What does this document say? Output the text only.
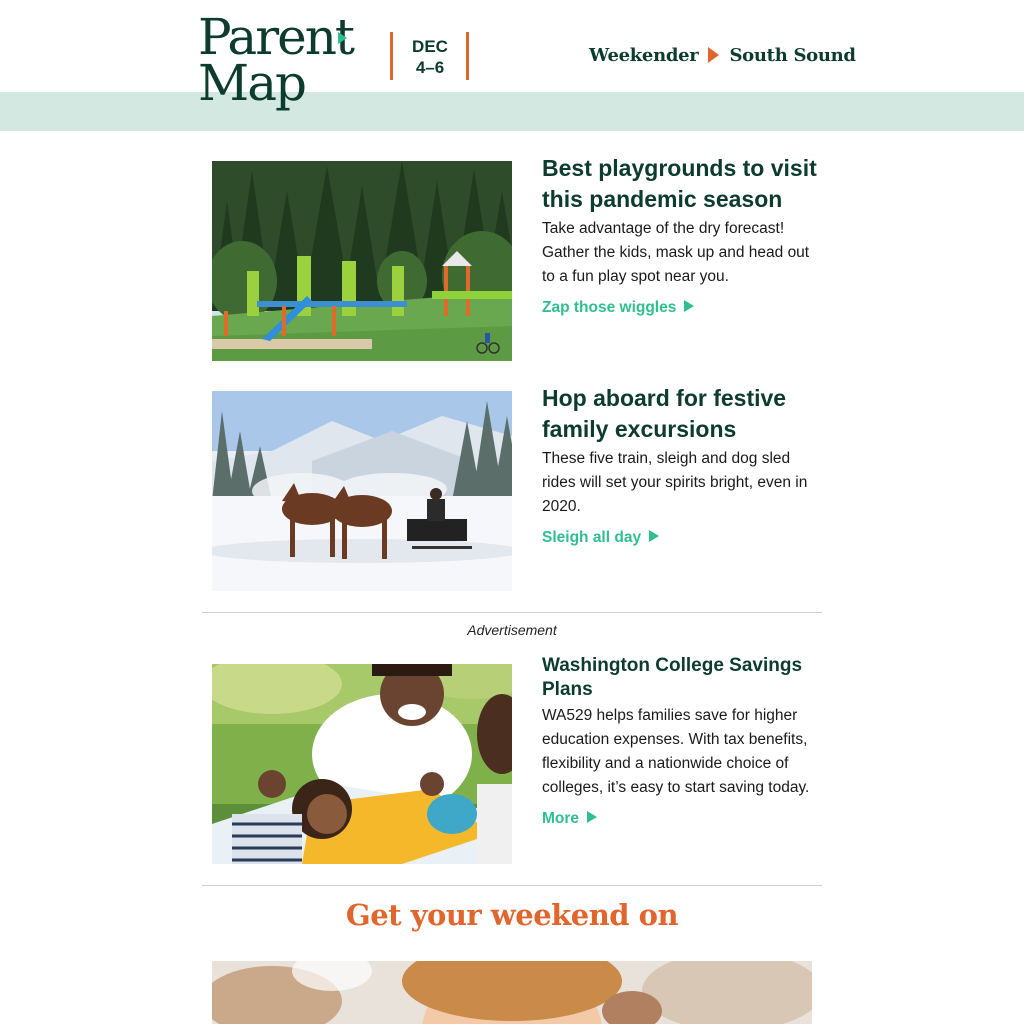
Parent
Map
DEC
4–6
Weekender South Sound
Best playgrounds to visit this pandemic season

Take advantage of the dry forecast! Gather the kids, mask up and head out to a fun play spot near you.

Zap those wiggles
Hop aboard for festive family excursions

These five train, sleigh and dog sled rides will set your spirits bright, even in 2020.

Sleigh all day
Advertisement
Washington College Savings Plans

WA529 helps families save for higher education expenses. With tax benefits, flexibility and a nationwide choice of colleges, it’s easy to start saving today.

More
Get your weekend on
